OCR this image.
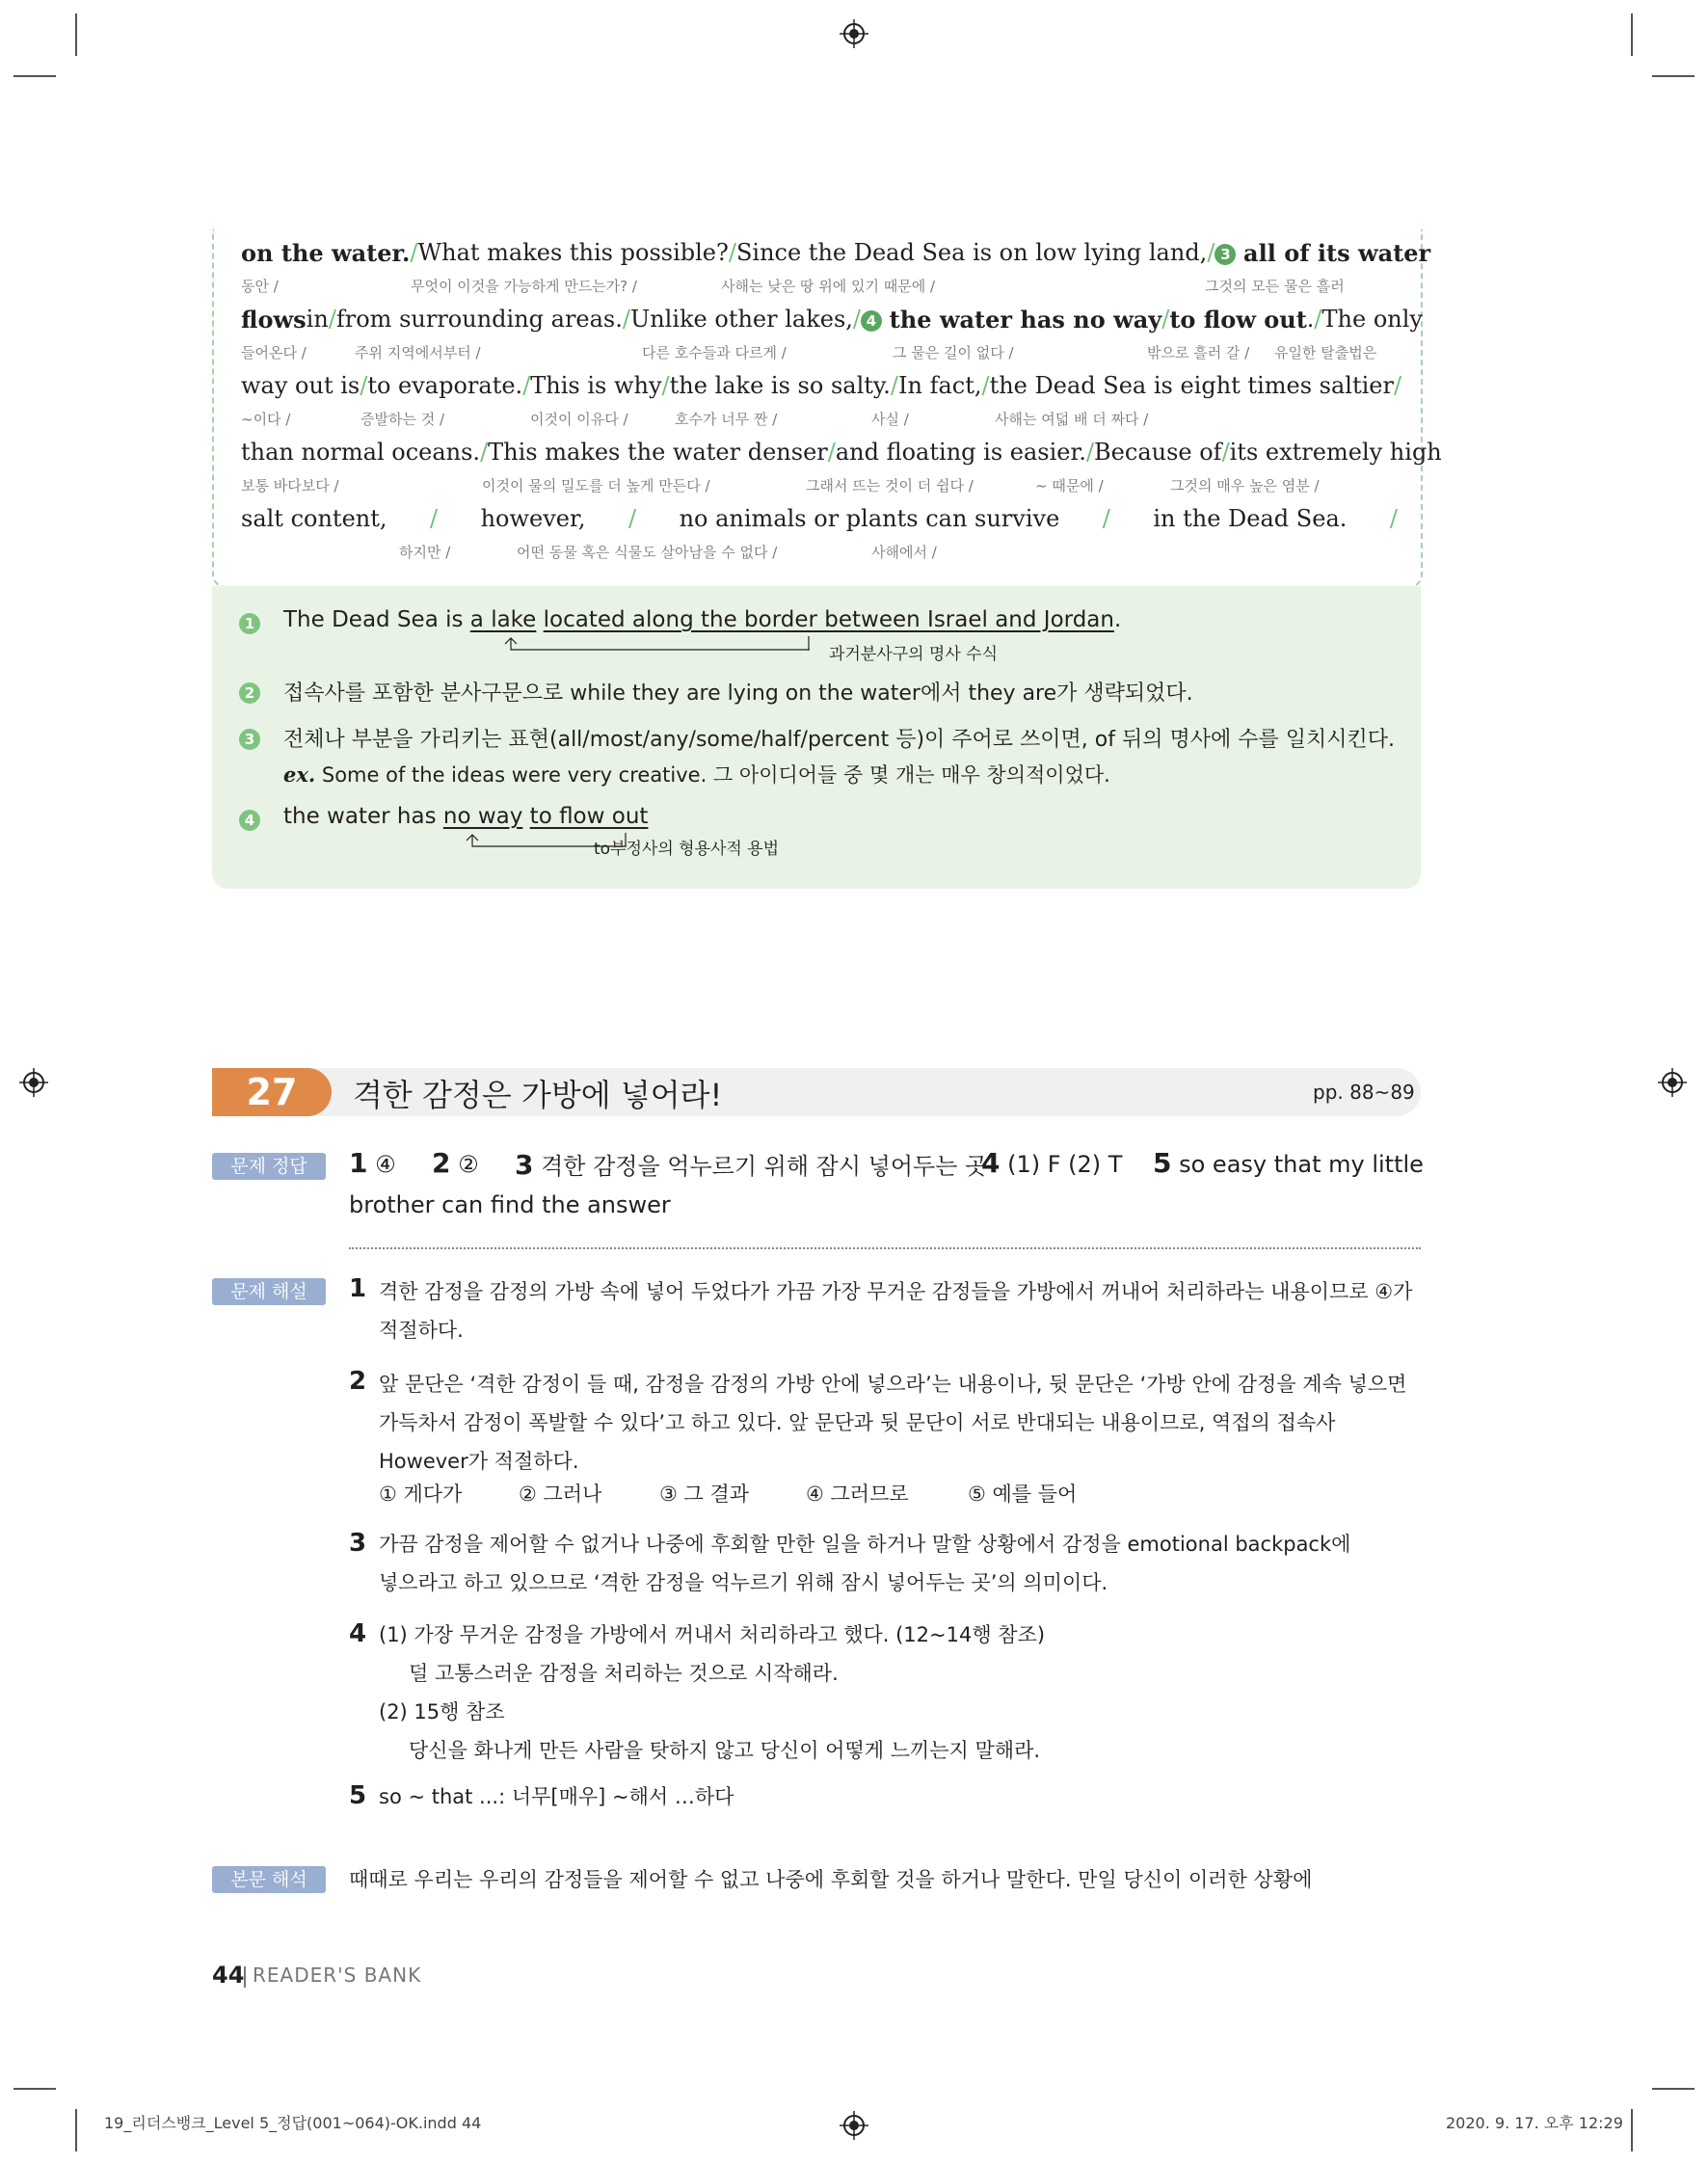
on the water. / What makes this possible? / Since the Dead Sea is on low lying land, / 3 all of its water
동안 /	무엇이 이것을 가능하게 만드는가? /	사해는 낮은 땅 위에 있기 때문에 /	그것의 모든 물은 흘러
flows in / from surrounding areas. / Unlike other lakes, / 4 the water has no way / to flow out . / The only
들어온다 /	주위 지역에서부터 /	다른 호수들과 다르게 /	그 물은 길이 없다 /	밖으로 흘러 갈 / 유일한 탈출법은
way out is / to evaporate. / This is why / the lake is so salty. / In fact, / the Dead Sea is eight times saltier /
~이다 /	증발하는 것 /	이것이 이유다 /	호수가 너무 짠 /	사실 /	사해는 여덟 배 더 짜다 /
than normal oceans. / This makes the water denser / and floating is easier. / Because of / its extremely high
보통 바다보다 /	이것이 물의 밀도를 더 높게 만든다 /	그래서 뜨는 것이 더 쉽다 /	~ 때문에 /	그것의 매우 높은 염분 /
salt content, / however, / no animals or plants can survive / in the Dead Sea. /
하지만 /	어떤 동물 혹은 식물도 살아남을 수 없다 /	사해에서 /
1 The Dead Sea is a lake located along the border between Israel and Jordan.
과거분사구의 명사 수식
2 접속사를 포함한 분사구문으로 while they are lying on the water에서 they are가 생략되었다.
3 전체나 부분을 가리키는 표현(all/most/any/some/half/percent 등)이 주어로 쓰이면, of 뒤의 명사에 수를 일치시킨다.
ex. Some of the ideas were very creative. 그 아이디어들 중 몇 개는 매우 창의적이었다.
4 the water has no way to flow out
to부정사의 형용사적 용법
27	격한 감정은 가방에 넣어라!	pp. 88~89
문제 정답	1 ④ 2 ② 3 격한 감정을 억누르기 위해 잠시 넣어두는 곳
4 (1) F (2) T 5 so easy that my little
brother can find the answer
문제 해설	1 격한 감정을 감정의 가방 속에 넣어 두었다가 가끔 가장 무거운 감정들을 가방에서 꺼내어 처리하라는 내용이므로 ④가
적절하다.
2 앞 문단은 ‘격한 감정이 들 때, 감정을 감정의 가방 안에 넣으라’는 내용이나, 뒷 문단은 ‘가방 안에 감정을 계속 넣으면
가득차서 감정이 폭발할 수 있다’고 하고 있다. 앞 문단과 뒷 문단이 서로 반대되는 내용이므로, 역접의 접속사
However가 적절하다.
① 게다가	② 그러나	③ 그 결과	④ 그러므로	⑤ 예를 들어
3 가끔 감정을 제어할 수 없거나 나중에 후회할 만한 일을 하거나 말할 상황에서 감정을 emotional backpack에
넣으라고 하고 있으므로 ‘격한 감정을 억누르기 위해 잠시 넣어두는 곳’의 의미이다.
4 (1) 가장 무거운 감정을 가방에서 꺼내서 처리하라고 했다. (12~14행 참조)
덜 고통스러운 감정을 처리하는 것으로 시작해라.
(2) 15행 참조
당신을 화나게 만든 사람을 탓하지 않고 당신이 어떻게 느끼는지 말해라.
5 so ~ that ...: 너무[매우] ~해서 …하다
본문 해석	때때로 우리는 우리의 감정들을 제어할 수 없고 나중에 후회할 것을 하거나 말한다. 만일 당신이 이러한 상황에
44 READER'S BANK
19_리더스뱅크_Level 5_정답(001~064)-OK.indd 44	2020. 9. 17. 오후 12:29
